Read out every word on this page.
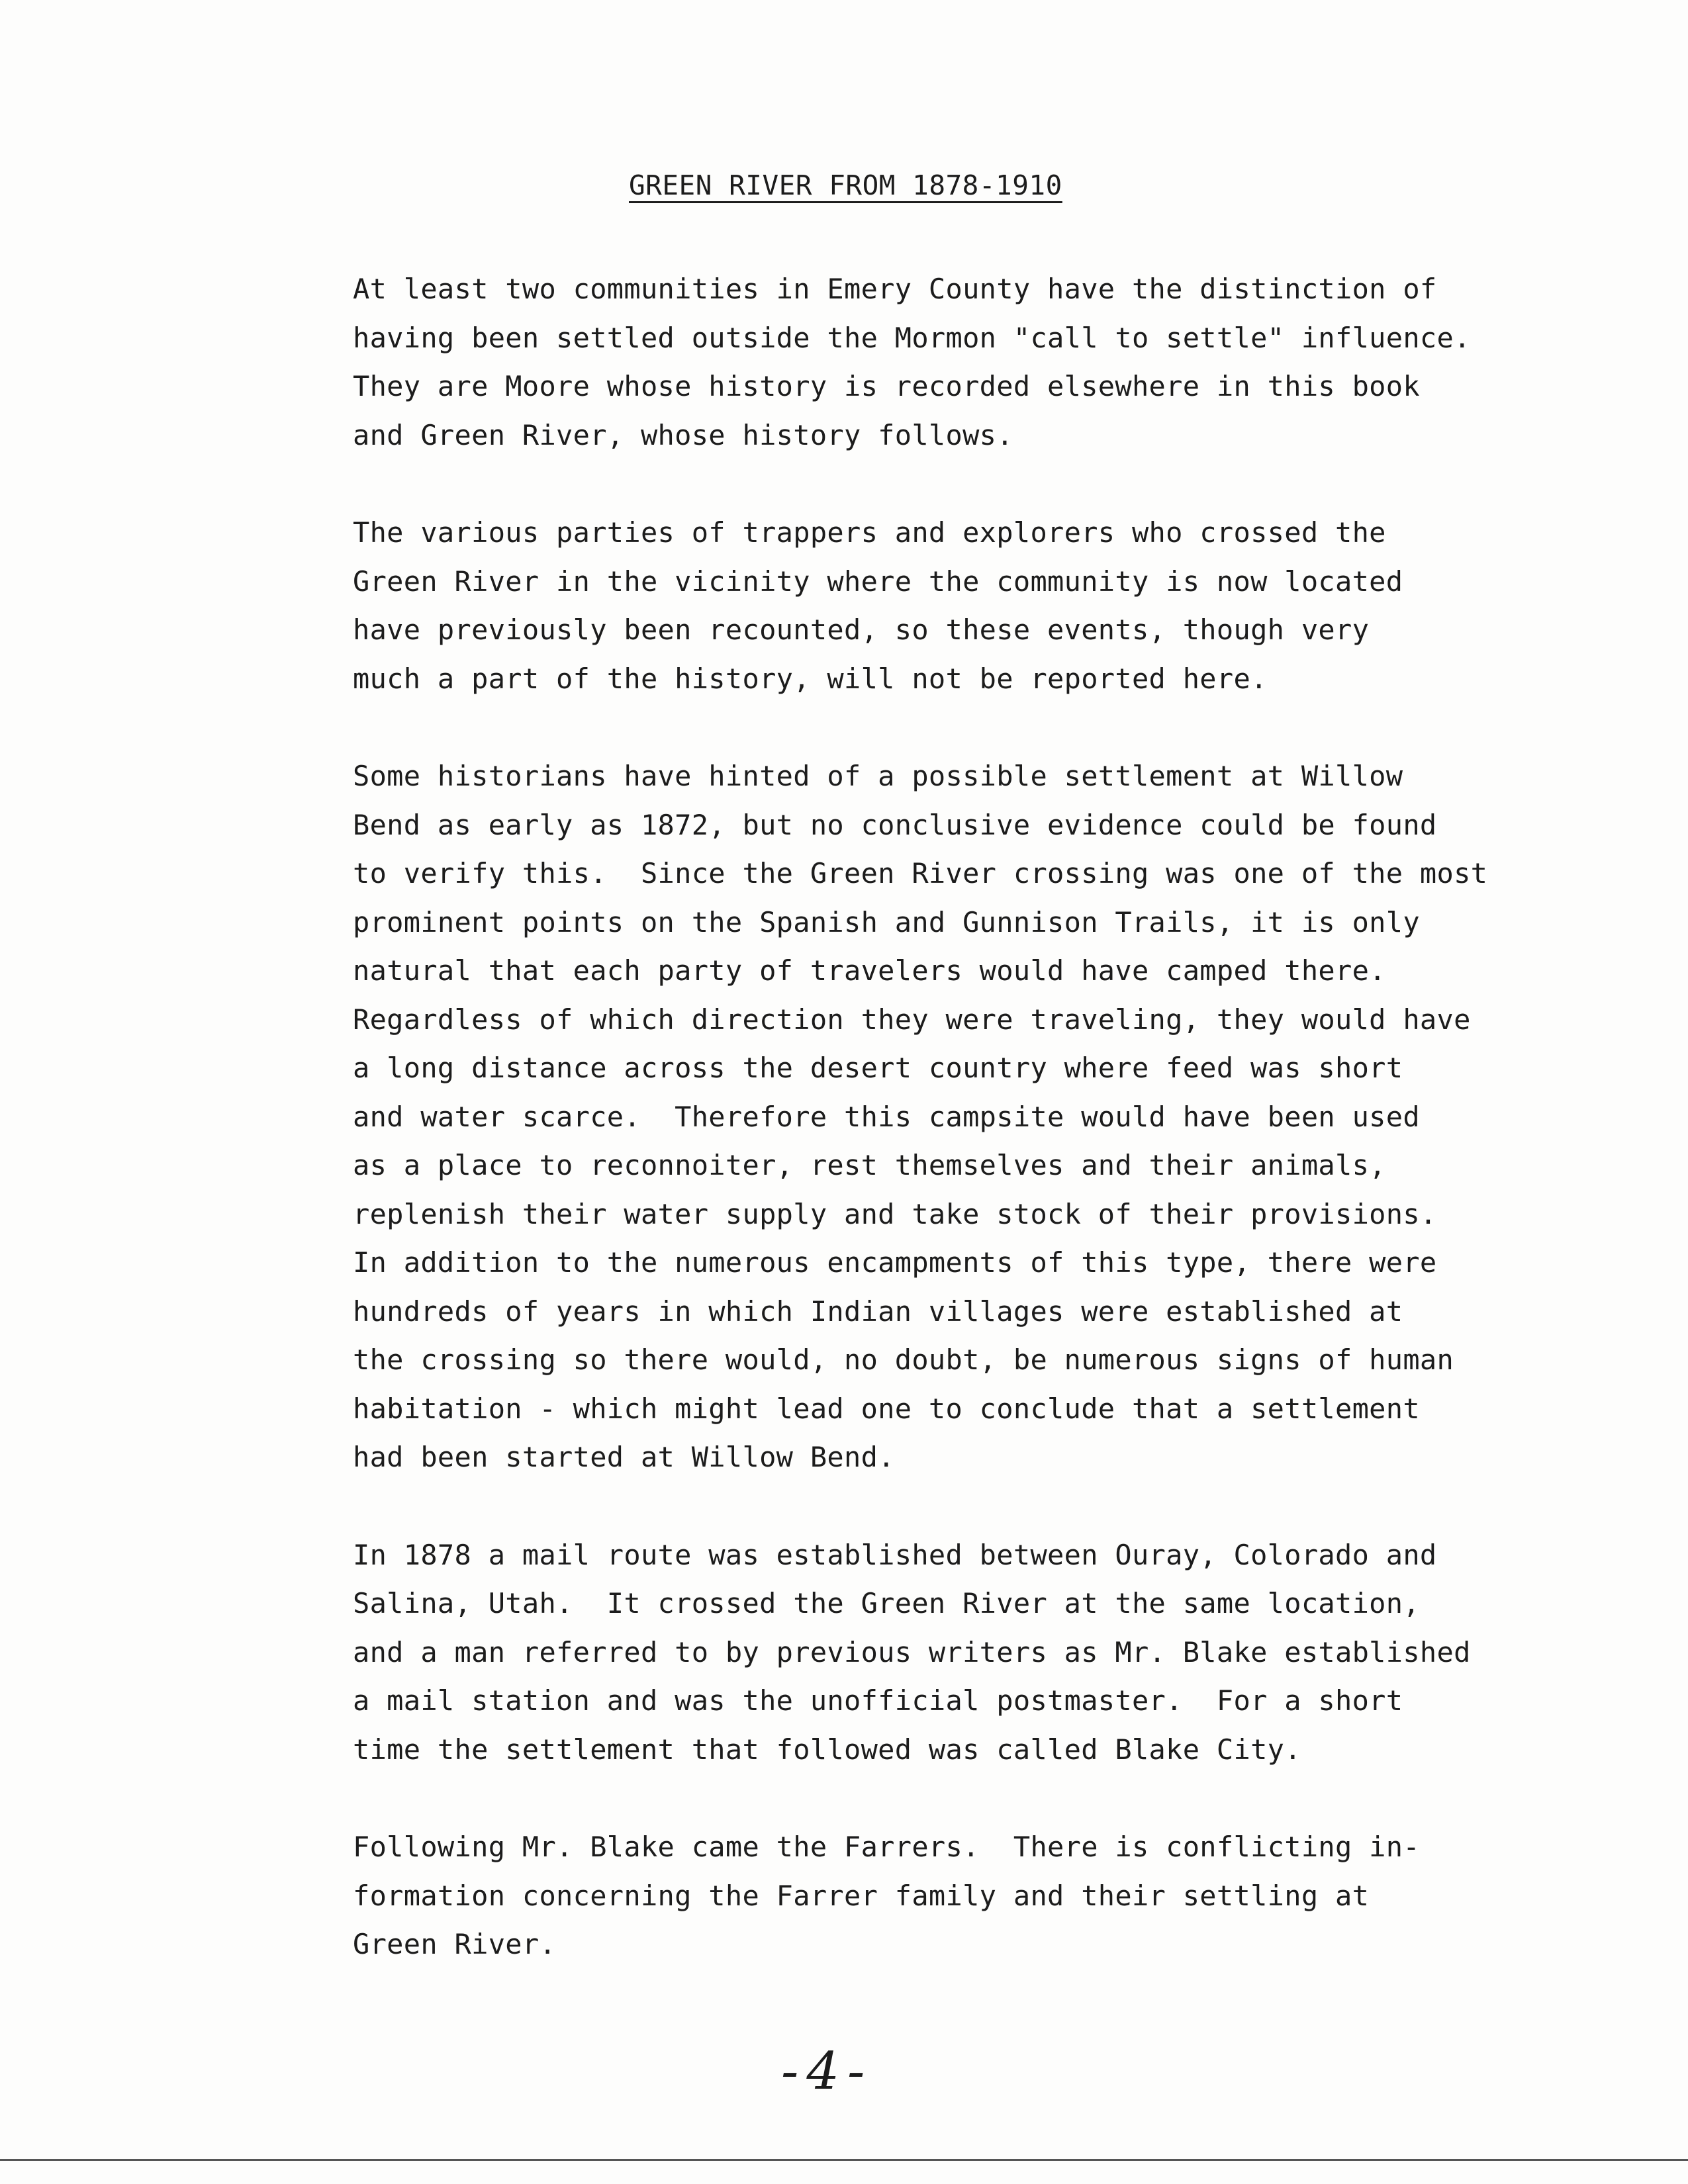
GREEN RIVER FROM 1878-1910
At least two communities in Emery County have the distinction of
having been settled outside the Mormon "call to settle" influence.
They are Moore whose history is recorded elsewhere in this book
and Green River, whose history follows.
The various parties of trappers and explorers who crossed the
Green River in the vicinity where the community is now located
have previously been recounted, so these events, though very
much a part of the history, will not be reported here.
Some historians have hinted of a possible settlement at Willow
Bend as early as 1872, but no conclusive evidence could be found
to verify this.  Since the Green River crossing was one of the most
prominent points on the Spanish and Gunnison Trails, it is only
natural that each party of travelers would have camped there.
Regardless of which direction they were traveling, they would have
a long distance across the desert country where feed was short
and water scarce.  Therefore this campsite would have been used
as a place to reconnoiter, rest themselves and their animals,
replenish their water supply and take stock of their provisions.
In addition to the numerous encampments of this type, there were
hundreds of years in which Indian villages were established at
the crossing so there would, no doubt, be numerous signs of human
habitation - which might lead one to conclude that a settlement
had been started at Willow Bend.
In 1878 a mail route was established between Ouray, Colorado and
Salina, Utah.  It crossed the Green River at the same location,
and a man referred to by previous writers as Mr. Blake established
a mail station and was the unofficial postmaster.  For a short
time the settlement that followed was called Blake City.
Following Mr. Blake came the Farrers.  There is conflicting in-
formation concerning the Farrer family and their settling at
Green River.
-4-
